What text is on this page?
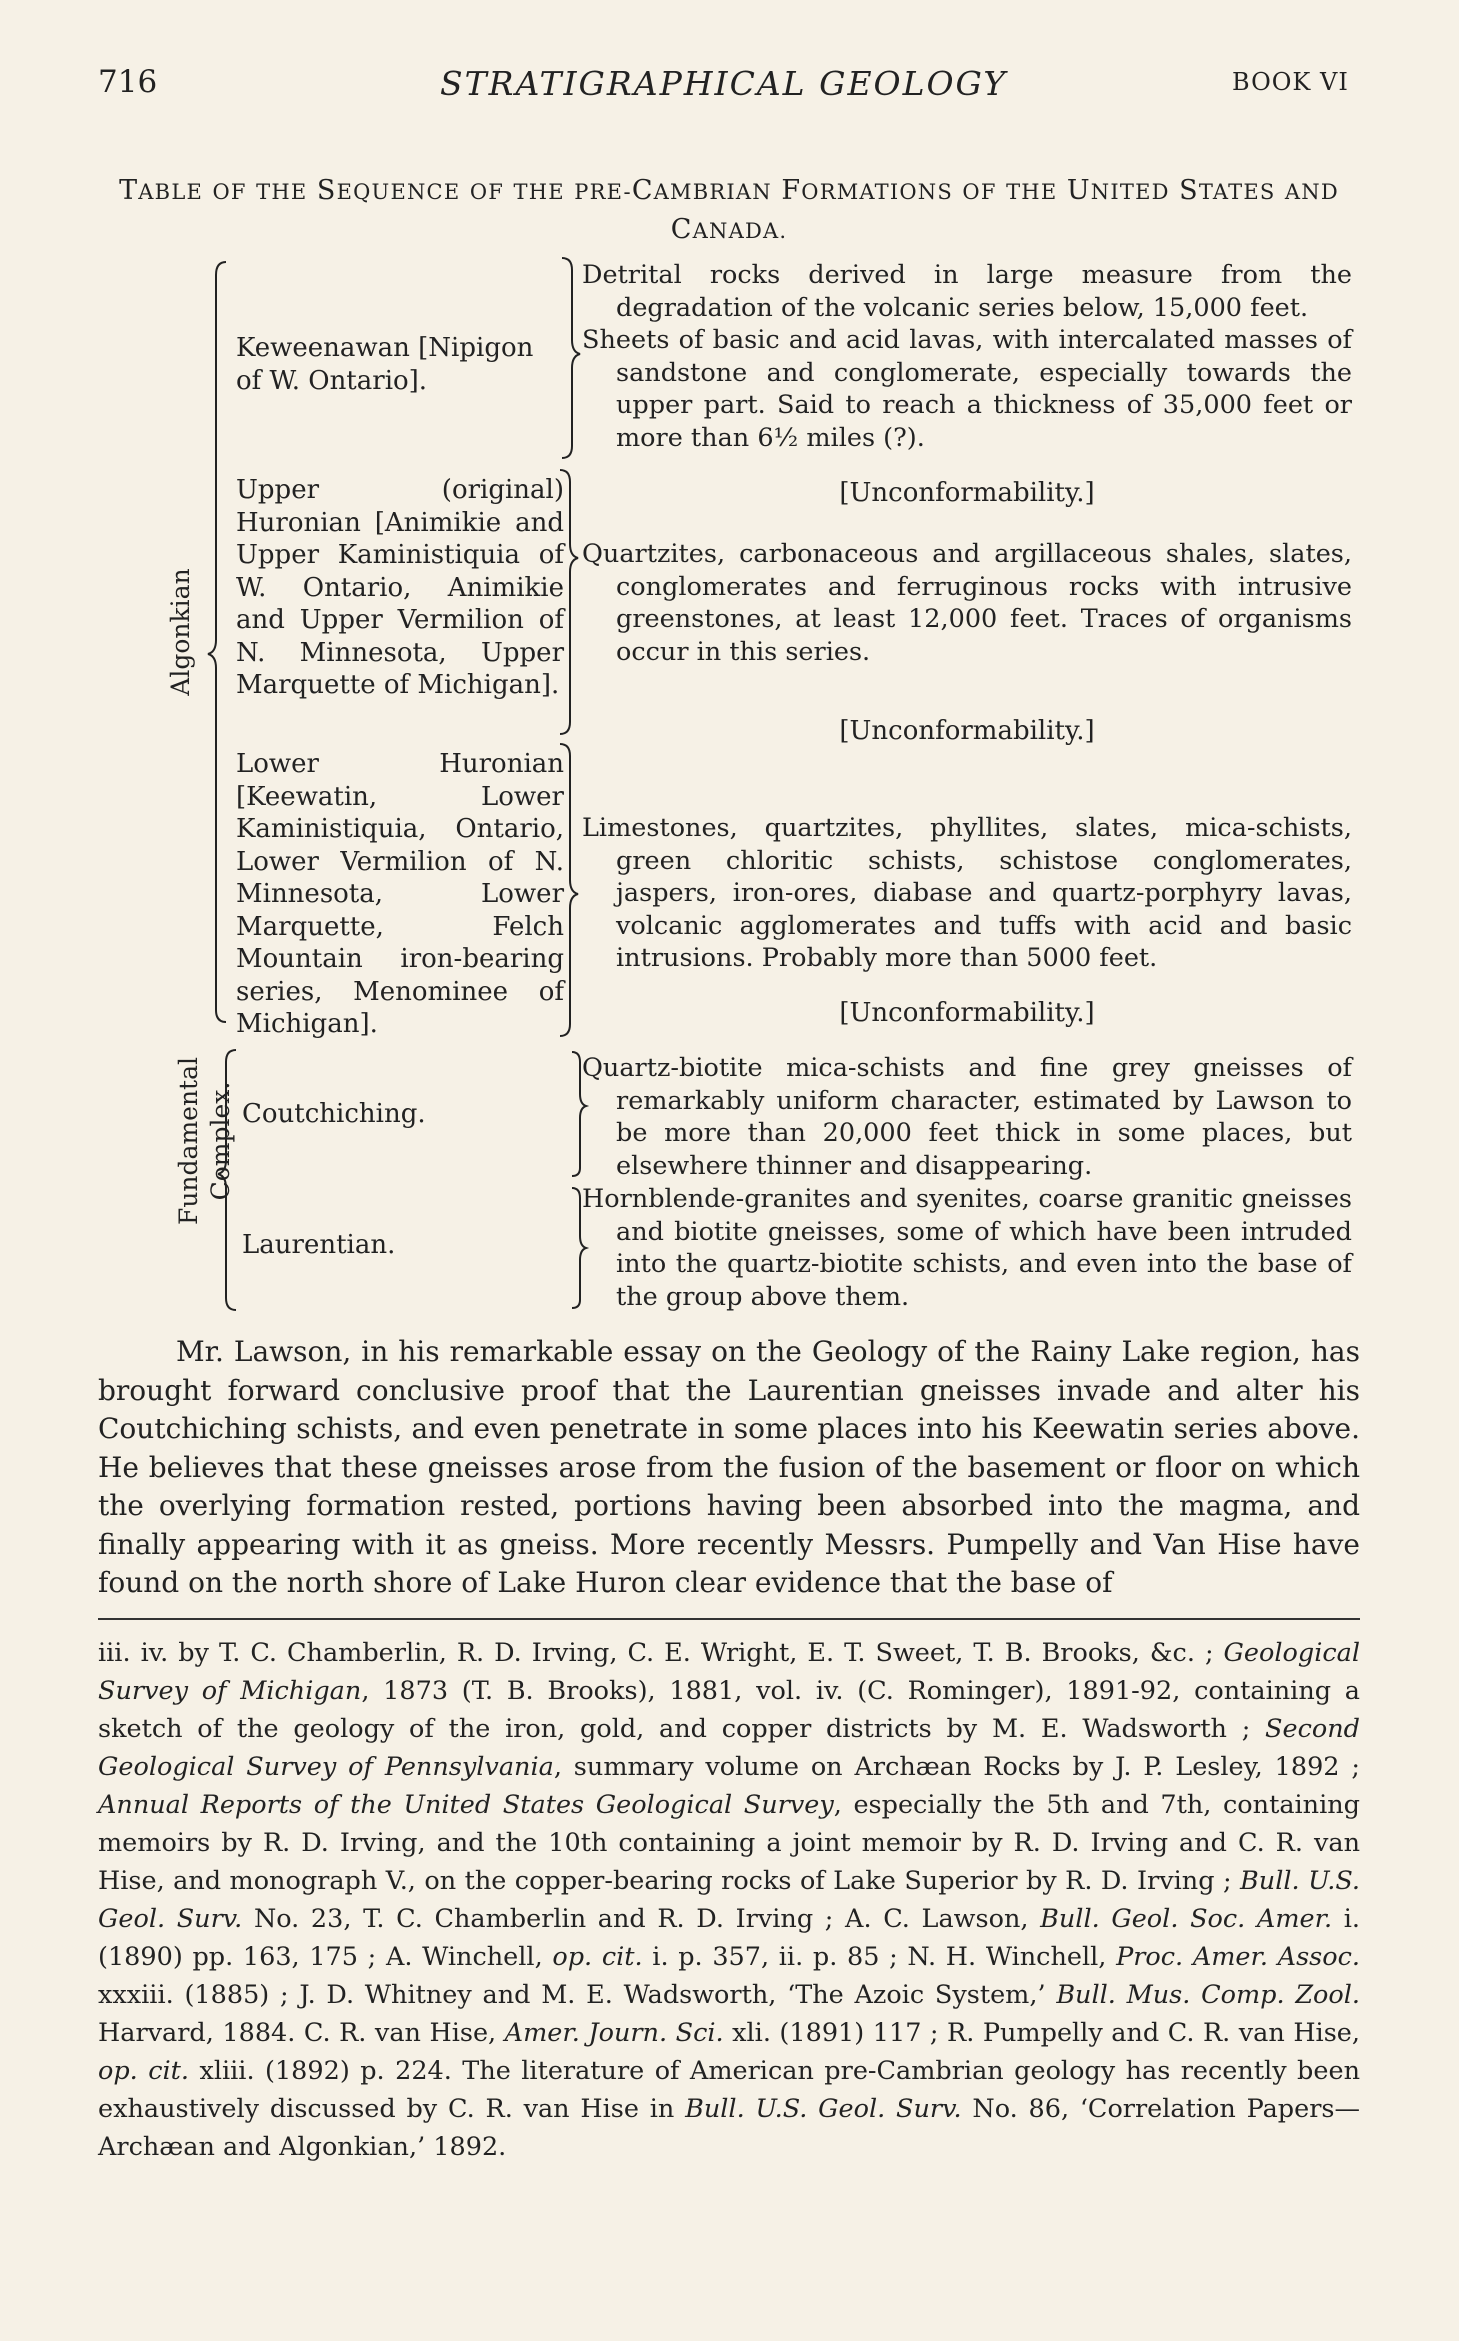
716	STRATIGRAPHICAL GEOLOGY	BOOK VI
TABLE OF THE SEQUENCE OF THE PRE-CAMBRIAN FORMATIONS OF THE UNITED STATES AND CANADA.
Algonkian
Fundamental Complex.
Keweenawan [Nipigon of W. Ontario].
Upper (original) Huronian [Animikie and Upper Kaministiquia of W. Ontario, Animikie and Upper Vermilion of N. Minnesota, Upper Marquette of Michigan].
Lower Huronian [Keewatin, Lower Kaministiquia, Ontario, Lower Vermilion of N. Minnesota, Lower Marquette, Felch Mountain iron-bearing series, Menominee of Michigan].
Coutchiching.
Laurentian.
Detrital rocks derived in large measure from the degradation of the volcanic series below, 15,000 feet.
Sheets of basic and acid lavas, with intercalated masses of sandstone and conglomerate, especially towards the upper part. Said to reach a thickness of 35,000 feet or more than 6½ miles (?).
[Unconformability.]
Quartzites, carbonaceous and argillaceous shales, slates, conglomerates and ferruginous rocks with intrusive greenstones, at least 12,000 feet. Traces of organisms occur in this series.
[Unconformability.]
Limestones, quartzites, phyllites, slates, mica-schists, green chloritic schists, schistose conglomerates, jaspers, iron-ores, diabase and quartz-porphyry lavas, volcanic agglomerates and tuffs with acid and basic intrusions. Probably more than 5000 feet.
[Unconformability.]
Quartz-biotite mica-schists and fine grey gneisses of remarkably uniform character, estimated by Lawson to be more than 20,000 feet thick in some places, but elsewhere thinner and disappearing.
Hornblende-granites and syenites, coarse granitic gneisses and biotite gneisses, some of which have been intruded into the quartz-biotite schists, and even into the base of the group above them.
Mr. Lawson, in his remarkable essay on the Geology of the Rainy Lake region, has brought forward conclusive proof that the Laurentian gneisses invade and alter his Coutchiching schists, and even penetrate in some places into his Keewatin series above. He believes that these gneisses arose from the fusion of the basement or floor on which the overlying formation rested, portions having been absorbed into the magma, and finally appearing with it as gneiss. More recently Messrs. Pumpelly and Van Hise have found on the north shore of Lake Huron clear evidence that the base of
iii. iv. by T. C. Chamberlin, R. D. Irving, C. E. Wright, E. T. Sweet, T. B. Brooks, &c. ; Geological Survey of Michigan, 1873 (T. B. Brooks), 1881, vol. iv. (C. Rominger), 1891-92, containing a sketch of the geology of the iron, gold, and copper districts by M. E. Wadsworth ; Second Geological Survey of Pennsylvania, summary volume on Archæan Rocks by J. P. Lesley, 1892 ; Annual Reports of the United States Geological Survey, especially the 5th and 7th, containing memoirs by R. D. Irving, and the 10th containing a joint memoir by R. D. Irving and C. R. van Hise, and monograph V., on the copper-bearing rocks of Lake Superior by R. D. Irving ; Bull. U.S. Geol. Surv. No. 23, T. C. Chamberlin and R. D. Irving ; A. C. Lawson, Bull. Geol. Soc. Amer. i. (1890) pp. 163, 175 ; A. Winchell, op. cit. i. p. 357, ii. p. 85 ; N. H. Winchell, Proc. Amer. Assoc. xxxiii. (1885) ; J. D. Whitney and M. E. Wadsworth, ‘The Azoic System,’ Bull. Mus. Comp. Zool. Harvard, 1884. C. R. van Hise, Amer. Journ. Sci. xli. (1891) 117 ; R. Pumpelly and C. R. van Hise, op. cit. xliii. (1892) p. 224. The literature of American pre-Cambrian geology has recently been exhaustively discussed by C. R. van Hise in Bull. U.S. Geol. Surv. No. 86, ‘Correlation Papers—Archæan and Algonkian,’ 1892.
